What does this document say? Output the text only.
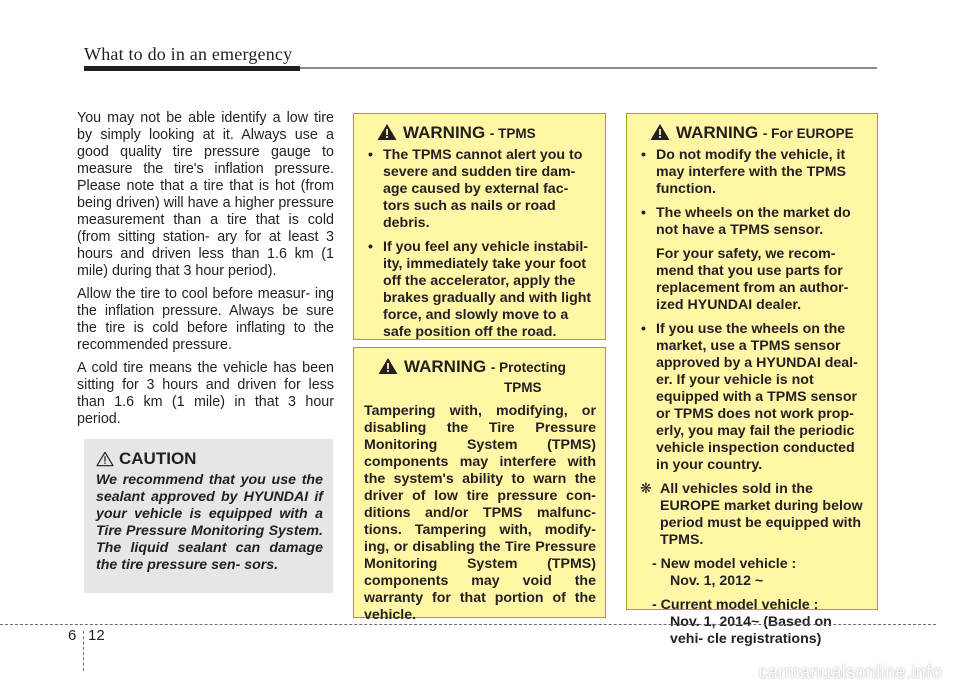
What to do in an emergency

You may not be able identify a low tire by simply looking at it. Always use a good quality tire pressure gauge to measure the tire's inflation pressure. Please note that a tire that is hot (from being driven) will have a higher pressure measurement than a tire that is cold (from sitting station- ary for at least 3 hours and driven less than 1.6 km (1 mile) during that 3 hour period).

Allow the tire to cool before measur- ing the inflation pressure. Always be sure the tire is cold before inflating to the recommended pressure.

A cold tire means the vehicle has been sitting for 3 hours and driven for less than 1.6 km (1 mile) in that 3 hour period.

CAUTION

We recommend that you use the sealant approved by HYUNDAI if your vehicle is equipped with a Tire Pressure Monitoring System. The liquid sealant can damage the tire pressure sen- sors.

WARNING - TPMS
• The TPMS cannot alert you to severe and sudden tire dam- age caused by external fac- tors such as nails or road debris.
• If you feel any vehicle instabil- ity, immediately take your foot off the accelerator, apply the brakes gradually and with light force, and slowly move to a safe position off the road.
WARNING - Protecting
TPMS

Tampering with, modifying, or disabling the Tire Pressure Monitoring System (TPMS) components may interfere with the system's ability to warn the driver of low tire pressure con- ditions and/or TPMS malfunc- tions. Tampering with, modify- ing, or disabling the Tire Pressure Monitoring System (TPMS) components may void the warranty for that portion of the vehicle.

WARNING - For EUROPE
• Do not modify the vehicle, it may interfere with the TPMS function.
• The wheels on the market do not have a TPMS sensor.

For your safety, we recom- mend that you use parts for replacement from an author- ized HYUNDAI dealer.

• If you use the wheels on the market, use a TPMS sensor approved by a HYUNDAI deal- er. If your vehicle is not equipped with a TPMS sensor or TPMS does not work prop- erly, you may fail the periodic vehicle inspection conducted in your country.
❋ All vehicles sold in the EUROPE market during below period must be equipped with TPMS.
- New model vehicle :
Nov. 1, 2012 ~
- Current model vehicle :
Nov. 1, 2014~ (Based on vehi- cle registrations)
6 12
carmanualsonline.info
